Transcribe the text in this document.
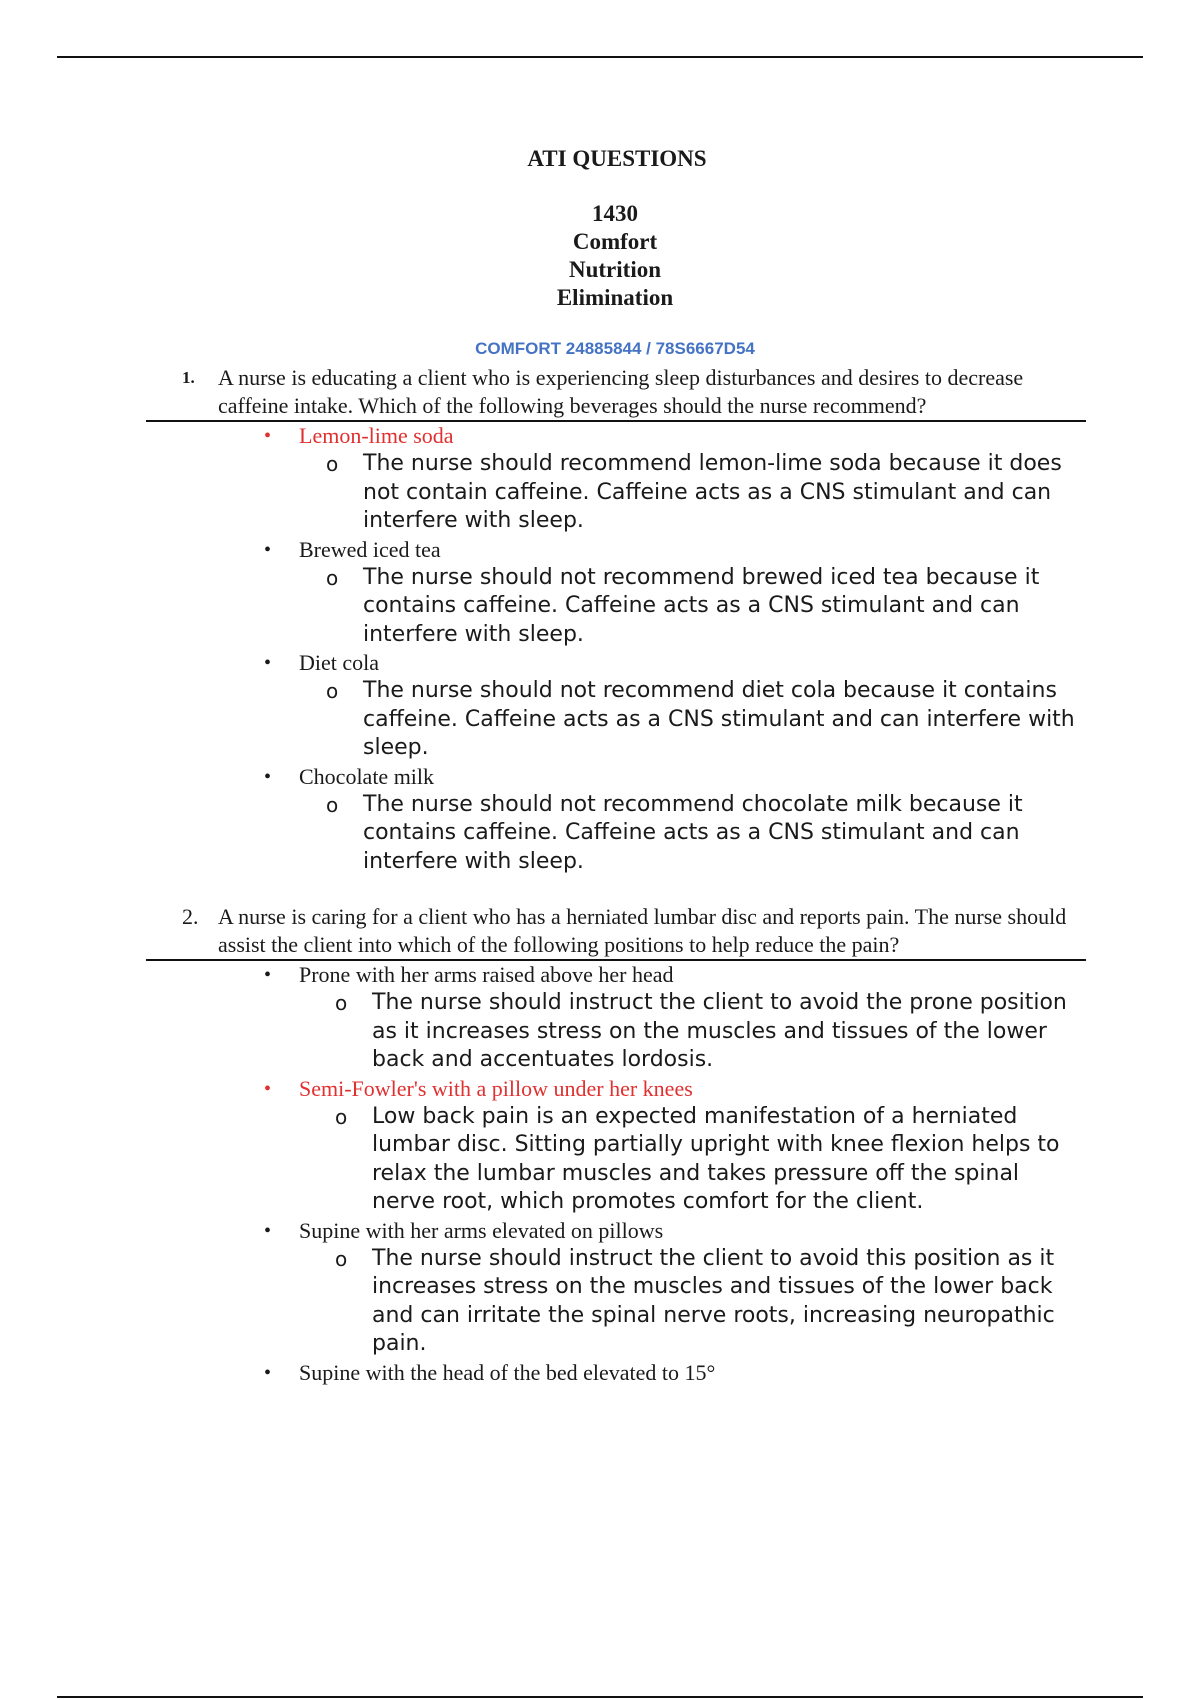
ATI QUESTIONS
1430
Comfort
Nutrition
Elimination
COMFORT 24885844 / 78S6667D54
1. A nurse is educating a client who is experiencing sleep disturbances and desires to decrease caffeine intake. Which of the following beverages should the nurse recommend?
• Lemon-lime soda
o The nurse should recommend lemon-lime soda because it does not contain caffeine. Caffeine acts as a CNS stimulant and can interfere with sleep.
• Brewed iced tea
o The nurse should not recommend brewed iced tea because it contains caffeine. Caffeine acts as a CNS stimulant and can interfere with sleep.
• Diet cola
o The nurse should not recommend diet cola because it contains caffeine. Caffeine acts as a CNS stimulant and can interfere with sleep.
• Chocolate milk
o The nurse should not recommend chocolate milk because it contains caffeine. Caffeine acts as a CNS stimulant and can interfere with sleep.
2. A nurse is caring for a client who has a herniated lumbar disc and reports pain. The nurse should assist the client into which of the following positions to help reduce the pain?
• Prone with her arms raised above her head
o The nurse should instruct the client to avoid the prone position as it increases stress on the muscles and tissues of the lower back and accentuates lordosis.
• Semi-Fowler's with a pillow under her knees
o Low back pain is an expected manifestation of a herniated lumbar disc. Sitting partially upright with knee flexion helps to relax the lumbar muscles and takes pressure off the spinal nerve root, which promotes comfort for the client.
• Supine with her arms elevated on pillows
o The nurse should instruct the client to avoid this position as it increases stress on the muscles and tissues of the lower back and can irritate the spinal nerve roots, increasing neuropathic pain.
• Supine with the head of the bed elevated to 15°
